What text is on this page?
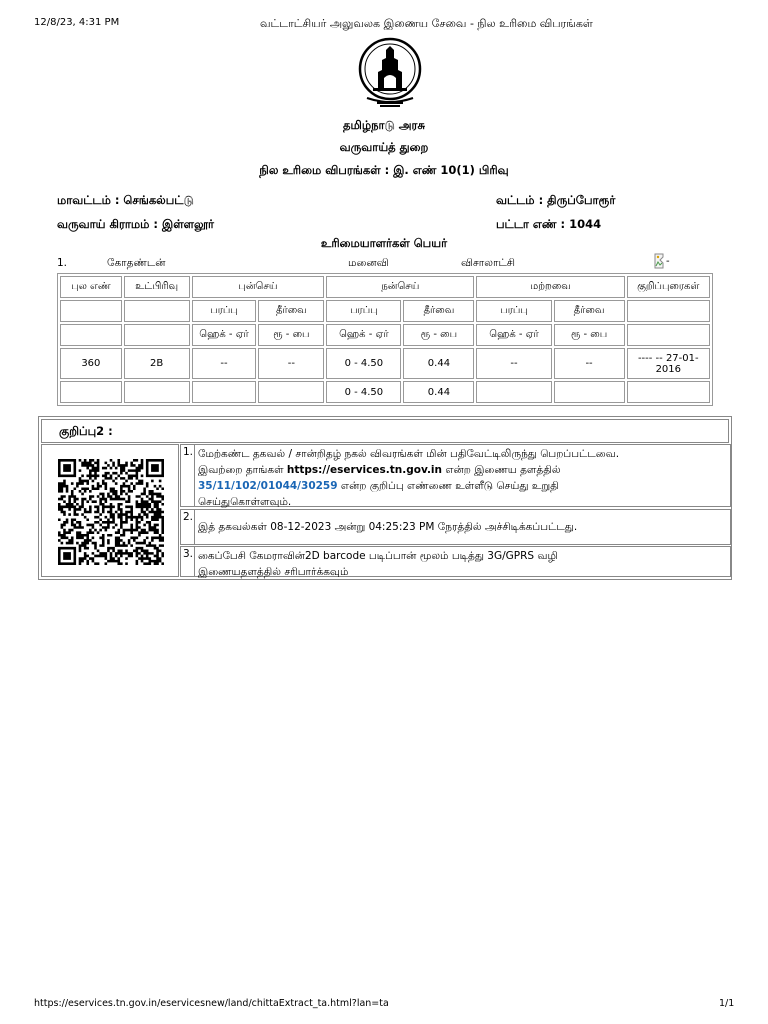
12/8/23, 4:31 PM	வட்டாட்சியர் அலுவலக இணைய சேவை - நில உரிமை விபரங்கள்
தமிழ்நாடு அரசு
வருவாய்த் துறை
நில உரிமை விபரங்கள் : இ. எண் 10(1) பிரிவு
மாவட்டம் : செங்கல்பட்டு	வட்டம் : திருப்போரூர்
வருவாய் கிராமம் : இள்ளலூர்	பட்டா எண் : 1044
உரிமையாளர்கள் பெயர்
1.	கோதண்டன்	மனைவி	விசாலாட்சி	-
புல எண்	உட்பிரிவு	புன்செய்		நன்செய்		மற்றவை		குறிப்புரைகள்
		பரப்பு	தீர்வை	பரப்பு	தீர்வை	பரப்பு	தீர்வை	
		ஹெக் - ஏர்	ரூ - பை	ஹெக் - ஏர்	ரூ - பை	ஹெக் - ஏர்	ரூ - பை	
360	2B	--	--	0 - 4.50	0.44	--	--	---- -- 27-01-2016
				0 - 4.50	0.44			
குறிப்பு2 :
1. மேற்கண்ட தகவல் / சான்றிதழ் நகல் விவரங்கள் மின் பதிவேட்டிலிருந்து பெறப்பட்டவை.
இவற்றை தாங்கள் https://eservices.tn.gov.in என்ற இணைய தளத்தில்
35/11/102/01044/30259 என்ற குறிப்பு எண்ணை உள்ளீடு செய்து உறுதி
செய்துகொள்ளவும்.
2.
இத் தகவல்கள் 08-12-2023 அன்று 04:25:23 PM நேரத்தில் அச்சிடிக்கப்பட்டது.
3. கைப்பேசி கேமராவின்2D barcode படிப்பான் மூலம் படித்து 3G/GPRS வழி
இணையதளத்தில் சரிபார்க்கவும்
https://eservices.tn.gov.in/eservicesnew/land/chittaExtract_ta.html?lan=ta	1/1
